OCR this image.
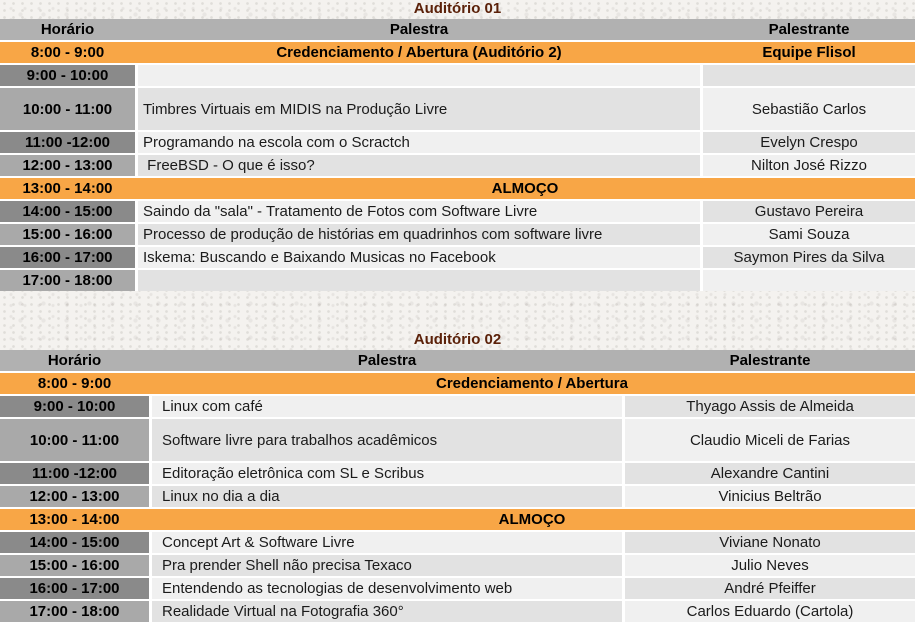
Auditório 01
Horário	Palestra	Palestrante
8:00 - 9:00	Credenciamento / Abertura (Auditório 2)	Equipe Flisol
9:00 - 10:00
10:00 - 11:00	Timbres Virtuais em MIDIS na Produção Livre	Sebastião Carlos
11:00 -12:00	Programando na escola com o Scractch	Evelyn Crespo
12:00 - 13:00	FreeBSD - O que é isso?	Nilton José Rizzo
13:00 - 14:00	ALMOÇO
14:00 - 15:00	Saindo da "sala" - Tratamento de Fotos com Software Livre	Gustavo Pereira
15:00 - 16:00	Processo de produção de histórias em quadrinhos com software livre	Sami Souza
16:00 - 17:00	Iskema: Buscando e Baixando Musicas no Facebook	Saymon Pires da Silva
17:00 - 18:00
Auditório 02
Horário	Palestra	Palestrante
8:00 - 9:00	Credenciamento / Abertura
9:00 - 10:00	Linux com café	Thyago Assis de Almeida
10:00 - 11:00	Software livre para trabalhos acadêmicos	Claudio Miceli de Farias
11:00 -12:00	Editoração eletrônica com SL e Scribus	Alexandre Cantini
12:00 - 13:00	Linux no dia a dia	Vinicius Beltrão
13:00 - 14:00	ALMOÇO
14:00 - 15:00	Concept Art & Software Livre	Viviane Nonato
15:00 - 16:00	Pra prender Shell não precisa Texaco	Julio Neves
16:00 - 17:00	Entendendo as tecnologias de desenvolvimento web	André Pfeiffer
17:00 - 18:00	Realidade Virtual na Fotografia 360°	Carlos Eduardo (Cartola)
